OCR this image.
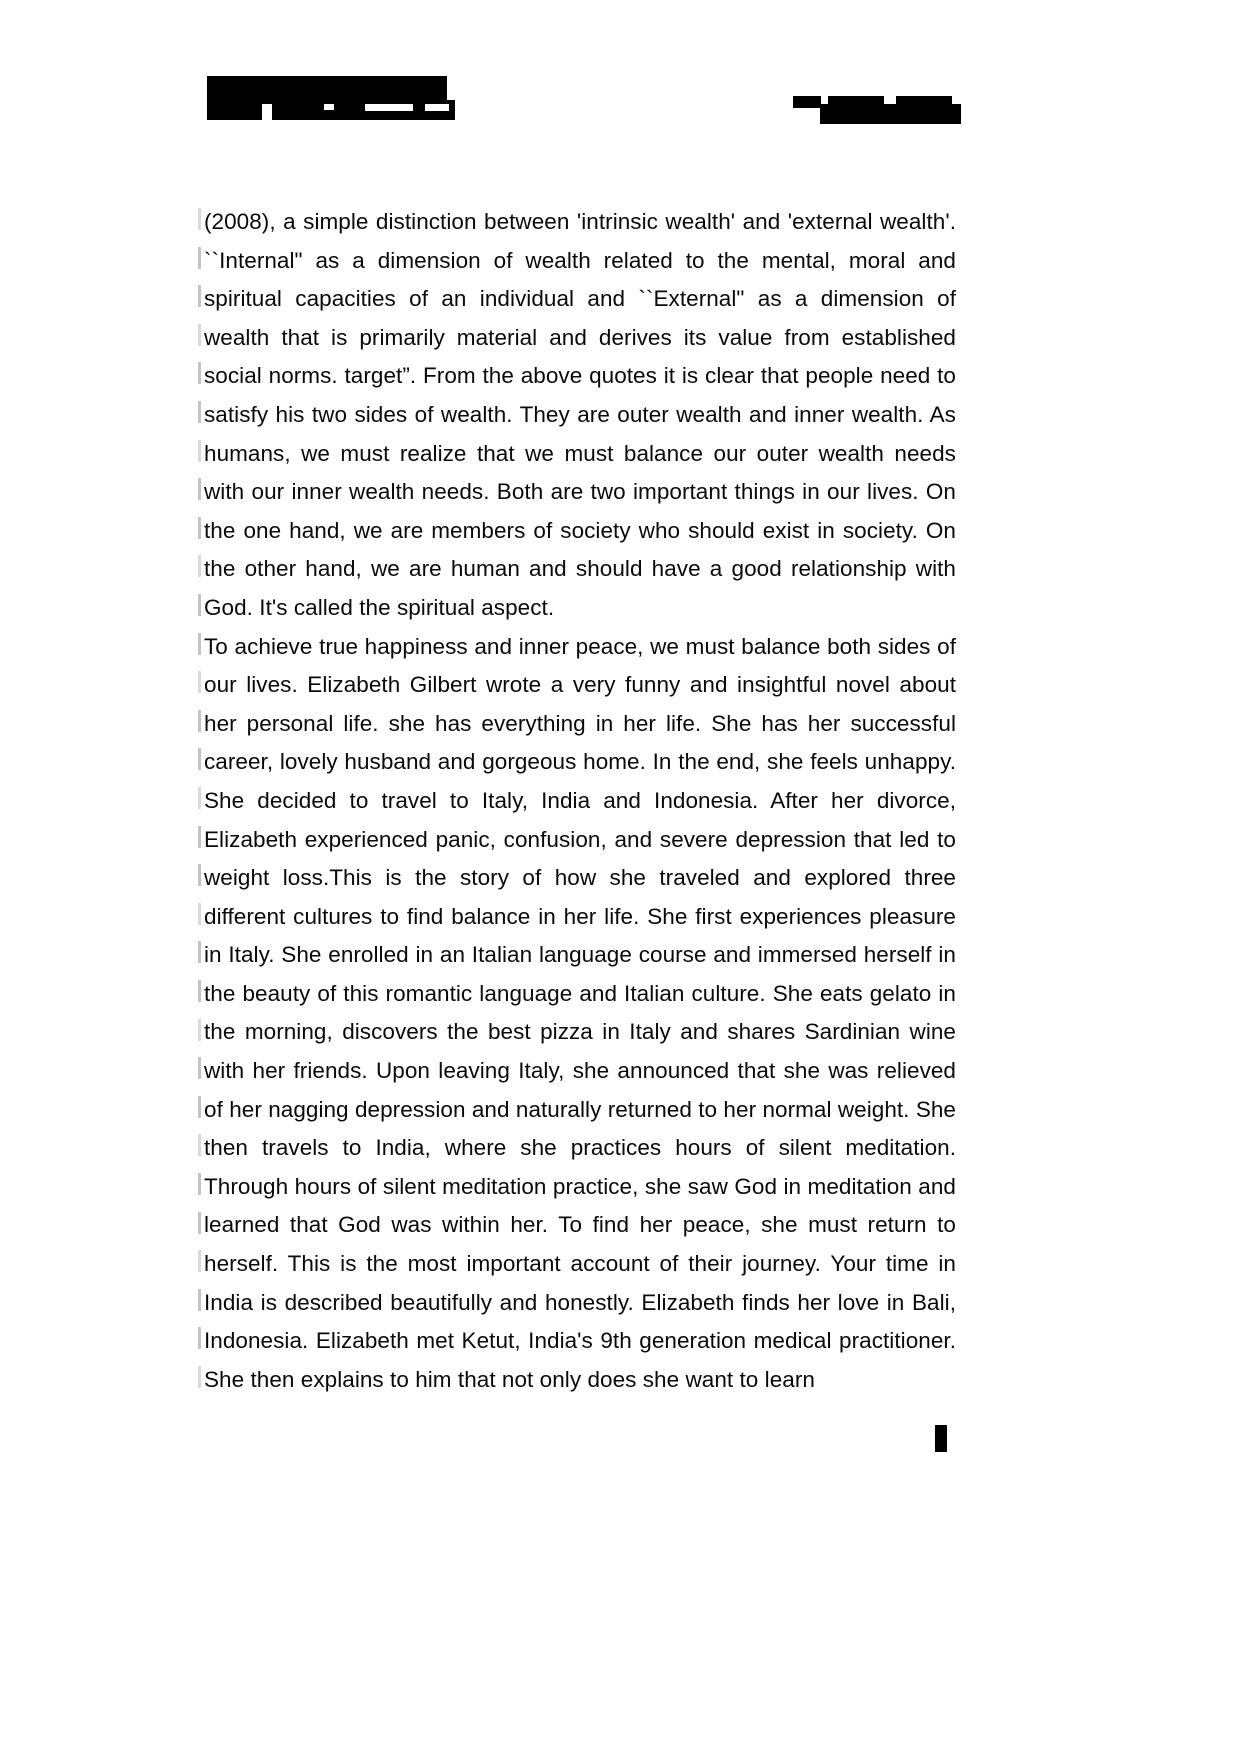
(2008), a simple distinction between 'intrinsic wealth' and 'external wealth'. ``Internal" as a dimension of wealth related to the mental, moral and spiritual capacities of an individual and ``External" as a dimension of wealth that is primarily material and derives its value from established social norms. target”. From the above quotes it is clear that people need to satisfy his two sides of wealth. They are outer wealth and inner wealth. As humans, we must realize that we must balance our outer wealth needs with our inner wealth needs. Both are two important things in our lives. On the one hand, we are members of society who should exist in society. On the other hand, we are human and should have a good relationship with God. It's called the spiritual aspect.

To achieve true happiness and inner peace, we must balance both sides of our lives. Elizabeth Gilbert wrote a very funny and insightful novel about her personal life. she has everything in her life. She has her successful career, lovely husband and gorgeous home. In the end, she feels unhappy. She decided to travel to Italy, India and Indonesia. After her divorce, Elizabeth experienced panic, confusion, and severe depression that led to weight loss.This is the story of how she traveled and explored three different cultures to find balance in her life. She first experiences pleasure in Italy. She enrolled in an Italian language course and immersed herself in the beauty of this romantic language and Italian culture. She eats gelato in the morning, discovers the best pizza in Italy and shares Sardinian wine with her friends. Upon leaving Italy, she announced that she was relieved of her nagging depression and naturally returned to her normal weight. She then travels to India, where she practices hours of silent meditation. Through hours of silent meditation practice, she saw God in meditation and learned that God was within her. To find her peace, she must return to herself. This is the most important account of their journey. Your time in India is described beautifully and honestly. Elizabeth finds her love in Bali, Indonesia. Elizabeth met Ketut, India's 9th generation medical practitioner. She then explains to him that not only does she want to learn
